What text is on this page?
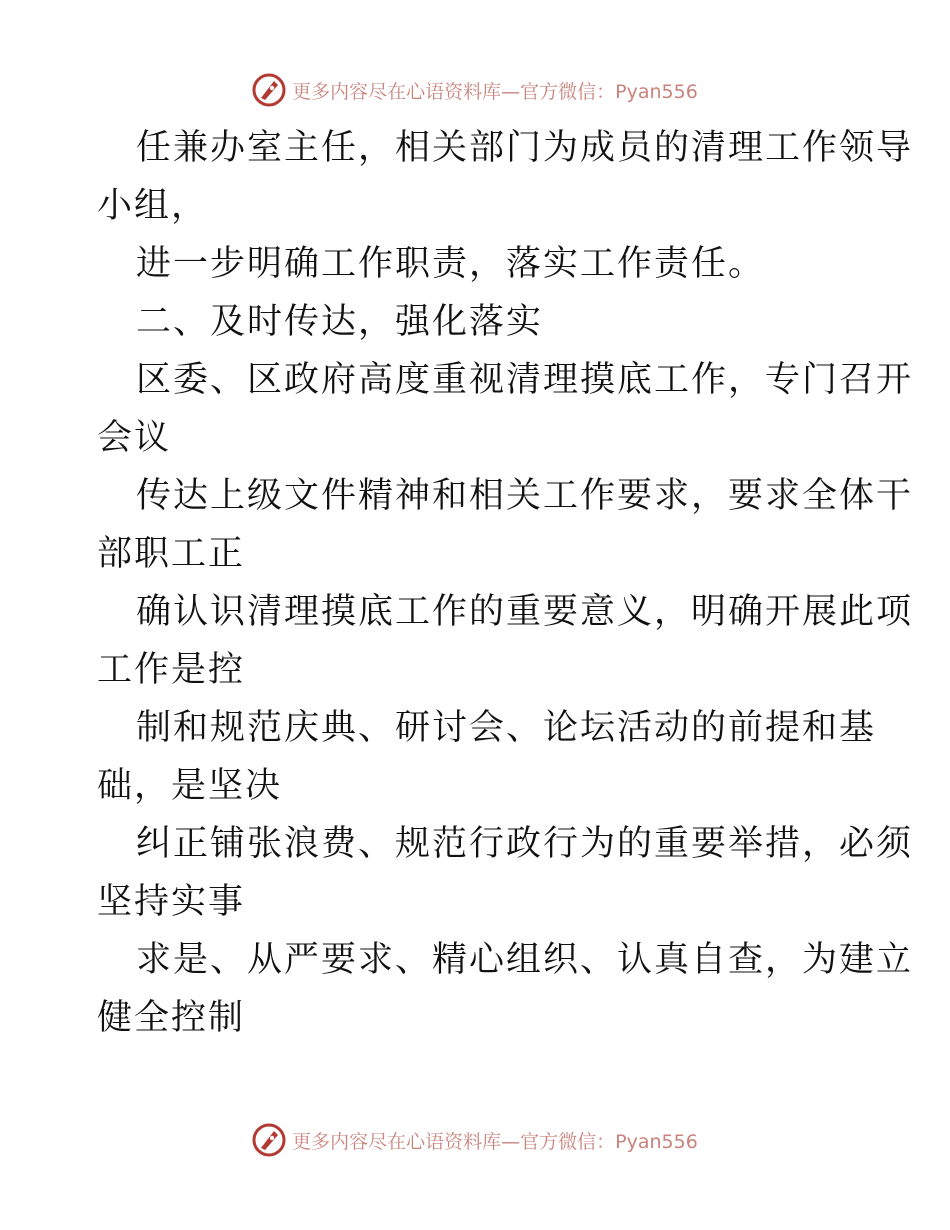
更多内容尽在心语资料库—官方微信：Pyan556
任兼办室主任，相关部门为成员的清理工作领导
小组，
进一步明确工作职责，落实工作责任。
二、及时传达，强化落实
区委、区政府高度重视清理摸底工作，专门召开
会议
传达上级文件精神和相关工作要求，要求全体干
部职工正
确认识清理摸底工作的重要意义，明确开展此项
工作是控
制和规范庆典、研讨会、论坛活动的前提和基
础，是坚决
纠正铺张浪费、规范行政行为的重要举措，必须
坚持实事
求是、从严要求、精心组织、认真自查，为建立
健全控制
更多内容尽在心语资料库—官方微信：Pyan556
